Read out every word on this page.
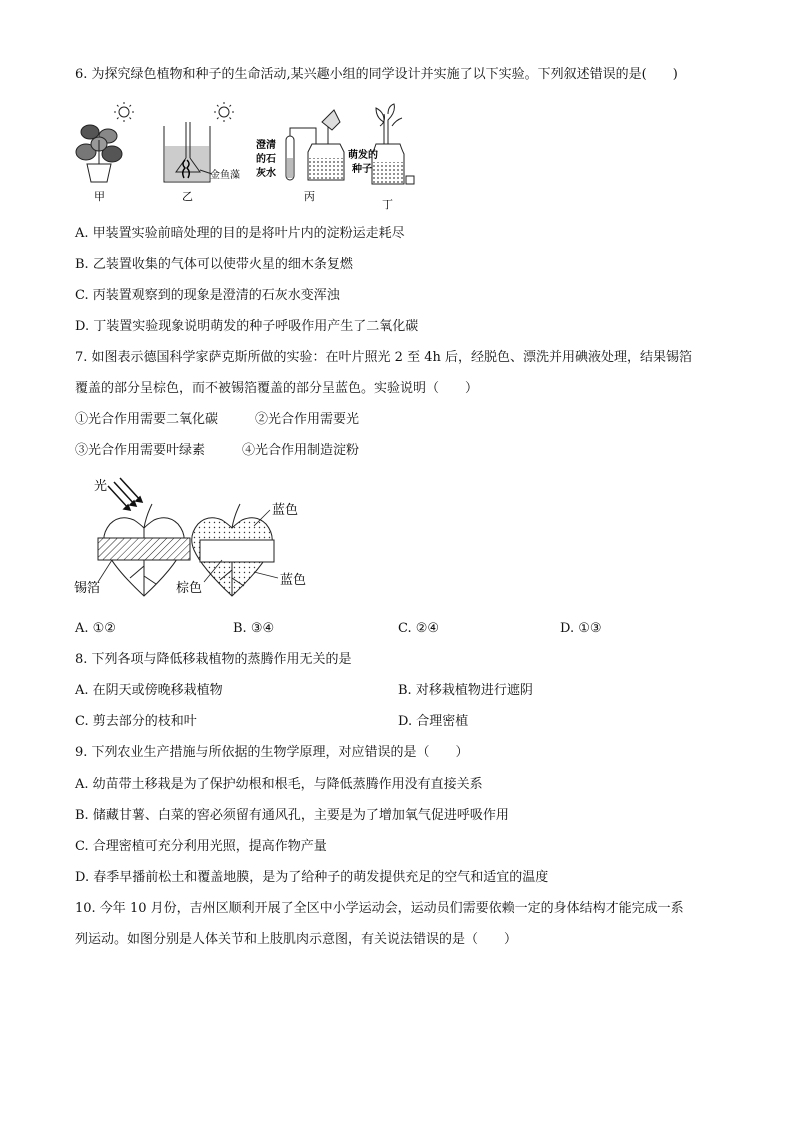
6. 为探究绿色植物和种子的生命活动,某兴趣小组的同学设计并实施了以下实验。下列叙述错误的是(　　)
甲
金鱼藻
乙
澄清
的石
灰水
丙
萌发的
种子
丁
A. 甲装置实验前暗处理的目的是将叶片内的淀粉运走耗尽
B. 乙装置收集的气体可以使带火星的细木条复燃
C. 丙装置观察到的现象是澄清的石灰水变浑浊
D. 丁装置实验现象说明萌发的种子呼吸作用产生了二氧化碳
7. 如图表示德国科学家萨克斯所做的实验：在叶片照光 2 至 4h 后，经脱色、漂洗并用碘液处理，结果锡箔
覆盖的部分呈棕色，而不被锡箔覆盖的部分呈蓝色。实验说明（　　）
①光合作用需要二氧化碳	②光合作用需要光
③光合作用需要叶绿素	④光合作用制造淀粉
光
锡箔	棕色
蓝色
蓝色
A. ①②	B. ③④	C. ②④	D. ①③
8. 下列各项与降低移栽植物的蒸腾作用无关的是
A. 在阴天或傍晚移栽植物	B. 对移栽植物进行遮阴
C. 剪去部分的枝和叶	D. 合理密植
9. 下列农业生产措施与所依据的生物学原理，对应错误的是（　　）
A. 幼苗带土移栽是为了保护幼根和根毛，与降低蒸腾作用没有直接关系
B. 储藏甘薯、白菜的窖必须留有通风孔，主要是为了增加氧气促进呼吸作用
C. 合理密植可充分利用光照，提高作物产量
D. 春季早播前松土和覆盖地膜，是为了给种子的萌发提供充足的空气和适宜的温度
10. 今年 10 月份，吉州区顺利开展了全区中小学运动会，运动员们需要依赖一定的身体结构才能完成一系
列运动。如图分别是人体关节和上肢肌肉示意图，有关说法错误的是（　　）
